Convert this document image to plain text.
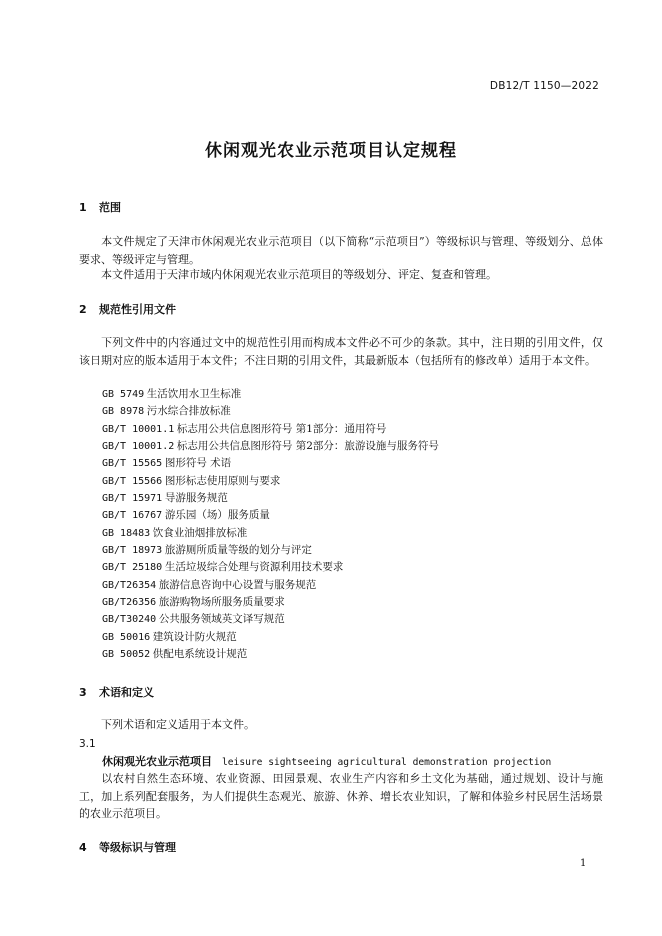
DB12/T 1150—2022
休闲观光农业示范项目认定规程
1 范围
本文件规定了天津市休闲观光农业示范项目（以下简称“示范项目”）等级标识与管理、等级划分、总体要求、等级评定与管理。
本文件适用于天津市域内休闲观光农业示范项目的等级划分、评定、复查和管理。
2 规范性引用文件
下列文件中的内容通过文中的规范性引用而构成本文件必不可少的条款。其中，注日期的引用文件，仅该日期对应的版本适用于本文件；不注日期的引用文件，其最新版本（包括所有的修改单）适用于本文件。
GB 5749 生活饮用水卫生标准
GB 8978 污水综合排放标准
GB/T 10001.1 标志用公共信息图形符号 第1部分：通用符号
GB/T 10001.2 标志用公共信息图形符号 第2部分：旅游设施与服务符号
GB/T 15565 图形符号 术语
GB/T 15566 图形标志使用原则与要求
GB/T 15971 导游服务规范
GB/T 16767 游乐园（场）服务质量
GB 18483 饮食业油烟排放标准
GB/T 18973 旅游厕所质量等级的划分与评定
GB/T 25180 生活垃圾综合处理与资源利用技术要求
GB/T26354 旅游信息咨询中心设置与服务规范
GB/T26356 旅游购物场所服务质量要求
GB/T30240 公共服务领域英文译写规范
GB 50016 建筑设计防火规范
GB 50052 供配电系统设计规范
3 术语和定义
下列术语和定义适用于本文件。
3.1
休闲观光农业示范项目 leisure sightseeing agricultural demonstration projection
以农村自然生态环境、农业资源、田园景观、农业生产内容和乡土文化为基础，通过规划、设计与施工，加上系列配套服务，为人们提供生态观光、旅游、休养、增长农业知识，了解和体验乡村民居生活场景的农业示范项目。
4 等级标识与管理
1
